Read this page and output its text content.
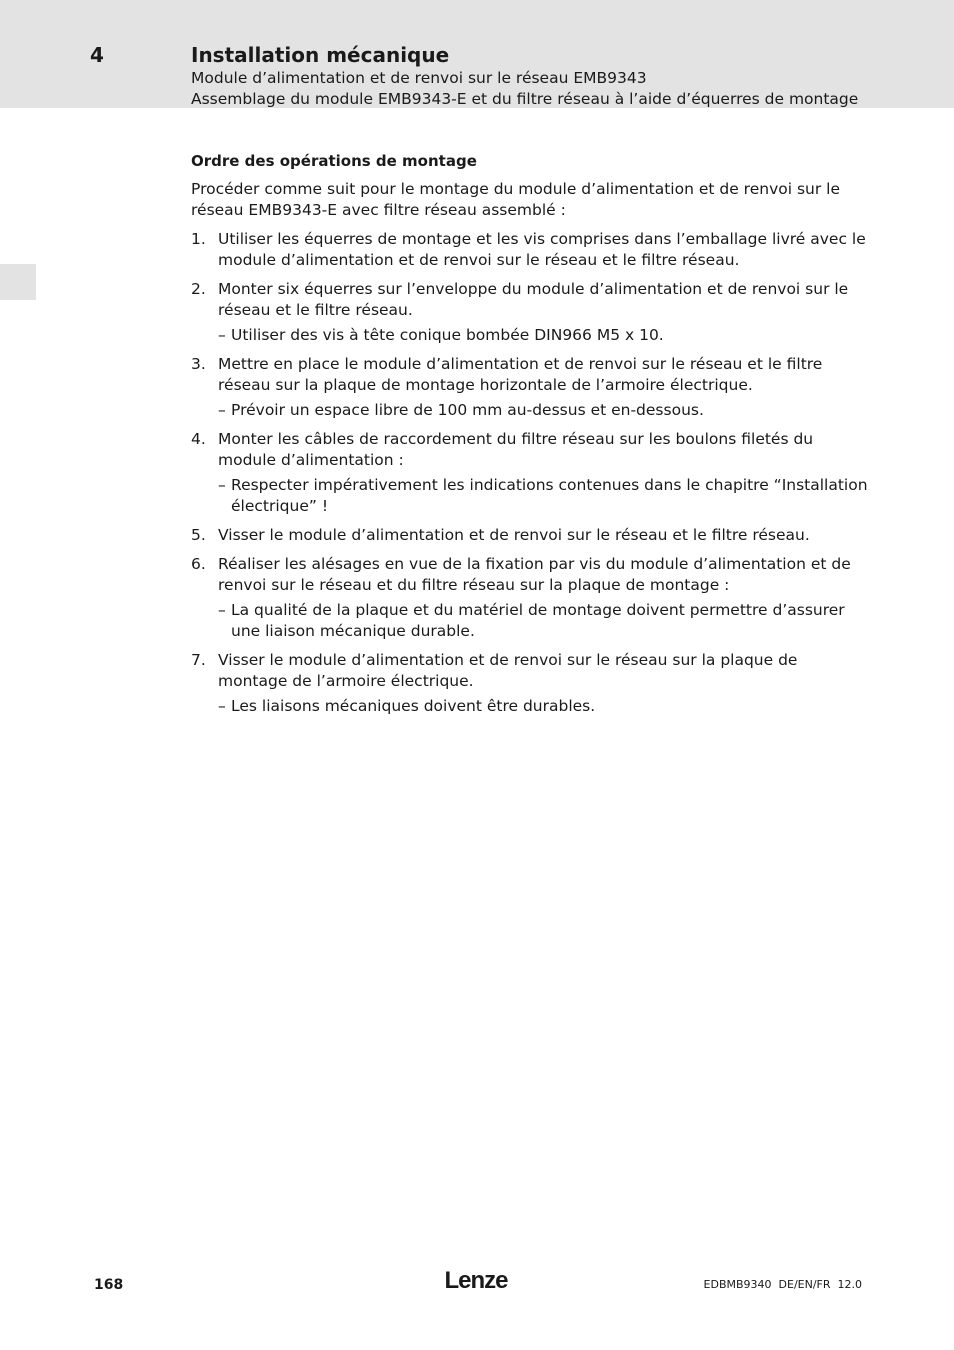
4	Installation mécanique
Module d’alimentation et de renvoi sur le réseau EMB9343
Assemblage du module EMB9343-E et du filtre réseau à l’aide d’équerres de montage
Ordre des opérations de montage

Procéder comme suit pour le montage du module d’alimentation et de renvoi sur le réseau EMB9343-E avec filtre réseau assemblé :

1. Utiliser les équerres de montage et les vis comprises dans l’emballage livré avec le module d’alimentation et de renvoi sur le réseau et le filtre réseau.
2. Monter six équerres sur l’enveloppe du module d’alimentation et de renvoi sur le réseau et le filtre réseau.
– Utiliser des vis à tête conique bombée DIN966 M5 x 10.
3. Mettre en place le module d’alimentation et de renvoi sur le réseau et le filtre réseau sur la plaque de montage horizontale de l’armoire électrique.
– Prévoir un espace libre de 100 mm au-dessus et en-dessous.
4. Monter les câbles de raccordement du filtre réseau sur les boulons filetés du module d’alimentation :
– Respecter impérativement les indications contenues dans le chapitre “Installation électrique” !
5. Visser le module d’alimentation et de renvoi sur le réseau et le filtre réseau.
6. Réaliser les alésages en vue de la fixation par vis du module d’alimentation et de renvoi sur le réseau et du filtre réseau sur la plaque de montage :
– La qualité de la plaque et du matériel de montage doivent permettre d’assurer une liaison mécanique durable.
7. Visser le module d’alimentation et de renvoi sur le réseau sur la plaque de montage de l’armoire électrique.
– Les liaisons mécaniques doivent être durables.
168	Lenze	EDBMB9340  DE/EN/FR  12.0
